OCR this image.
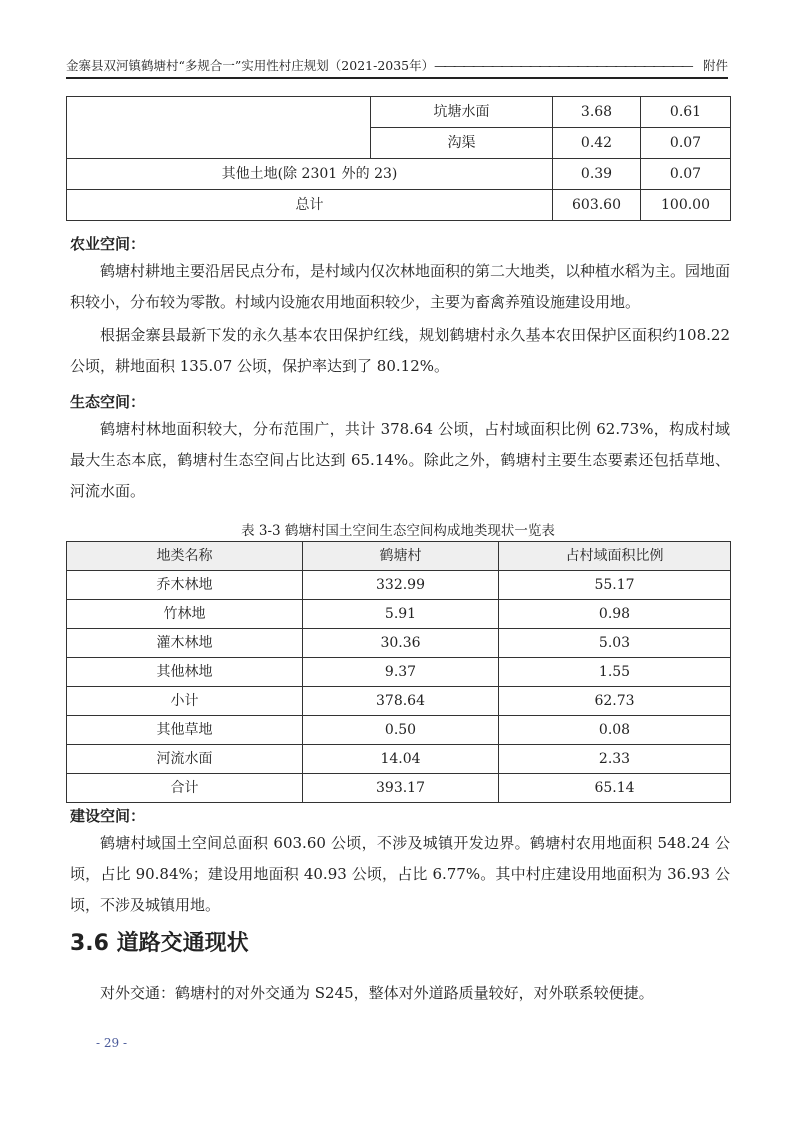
金寨县双河镇鹤塘村“多规合一”实用性村庄规划（2021-2035年） ——————————————————————————— 附件
	坑塘水面	3.68	0.61
	沟渠	0.42	0.07
其他土地(除 2301 外的 23)		0.39	0.07
总计		603.60	100.00
农业空间：
鹤塘村耕地主要沿居民点分布，是村域内仅次林地面积的第二大地类，以种植水稻为主。园地面积较小，分布较为零散。村域内设施农用地面积较少，主要为畜禽养殖设施建设用地。
根据金寨县最新下发的永久基本农田保护红线，规划鹤塘村永久基本农田保护区面积约108.22 公顷，耕地面积 135.07 公顷，保护率达到了 80.12%。
生态空间：
鹤塘村林地面积较大，分布范围广，共计 378.64 公顷，占村域面积比例 62.73%，构成村域最大生态本底，鹤塘村生态空间占比达到 65.14%。除此之外，鹤塘村主要生态要素还包括草地、河流水面。
表 3-3 鹤塘村国土空间生态空间构成地类现状一览表
地类名称	鹤塘村	占村域面积比例
乔木林地	332.99	55.17
竹林地	5.91	0.98
灌木林地	30.36	5.03
其他林地	9.37	1.55
小计	378.64	62.73
其他草地	0.50	0.08
河流水面	14.04	2.33
合计	393.17	65.14
建设空间：
鹤塘村域国土空间总面积 603.60 公顷，不涉及城镇开发边界。鹤塘村农用地面积 548.24 公顷，占比 90.84%；建设用地面积 40.93 公顷，占比 6.77%。其中村庄建设用地面积为 36.93 公顷，不涉及城镇用地。
3.6 道路交通现状
对外交通：鹤塘村的对外交通为 S245，整体对外道路质量较好，对外联系较便捷。
- 29 -
